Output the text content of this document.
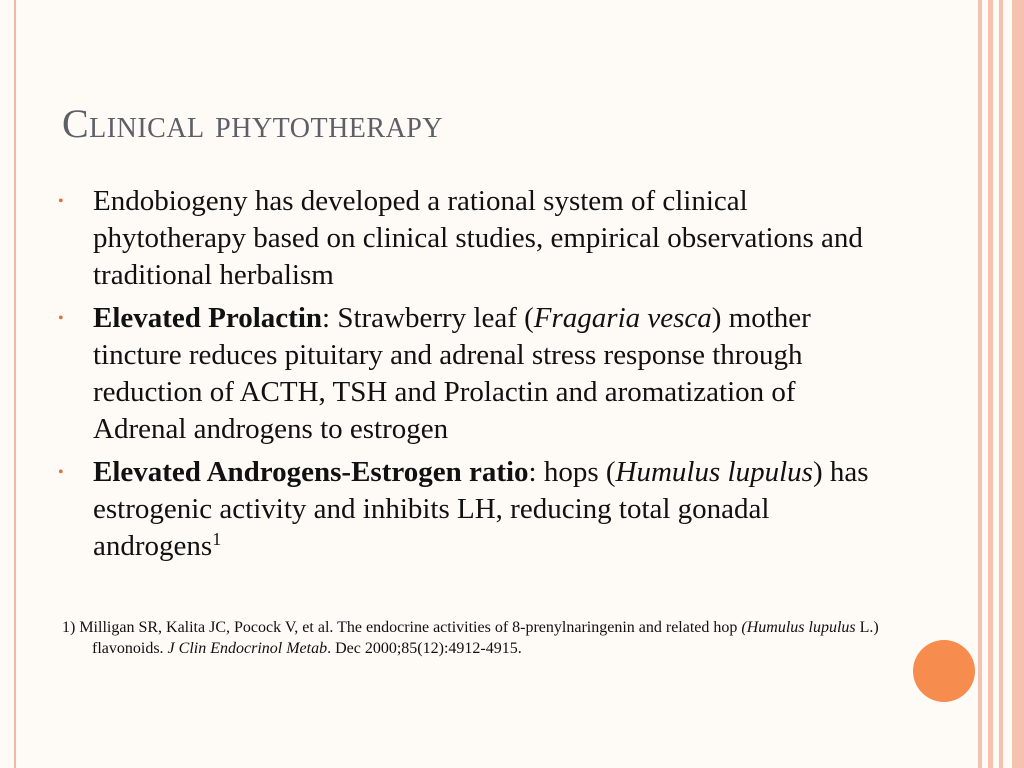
Clinical phytotherapy
• Endobiogeny has developed a rational system of clinical phytotherapy based on clinical studies, empirical observations and traditional herbalism
• Elevated Prolactin: Strawberry leaf (Fragaria vesca) mother tincture reduces pituitary and adrenal stress response through reduction of ACTH, TSH and Prolactin and aromatization of Adrenal androgens to estrogen
• Elevated Androgens-Estrogen ratio: hops (Humulus lupulus) has estrogenic activity and inhibits LH, reducing total gonadal androgens$^1$
1) Milligan SR, Kalita JC, Pocock V, et al. The endocrine activities of 8-prenylnaringenin and related hop (Humulus lupulus L.) flavonoids. J Clin Endocrinol Metab. Dec 2000;85(12):4912-4915.
